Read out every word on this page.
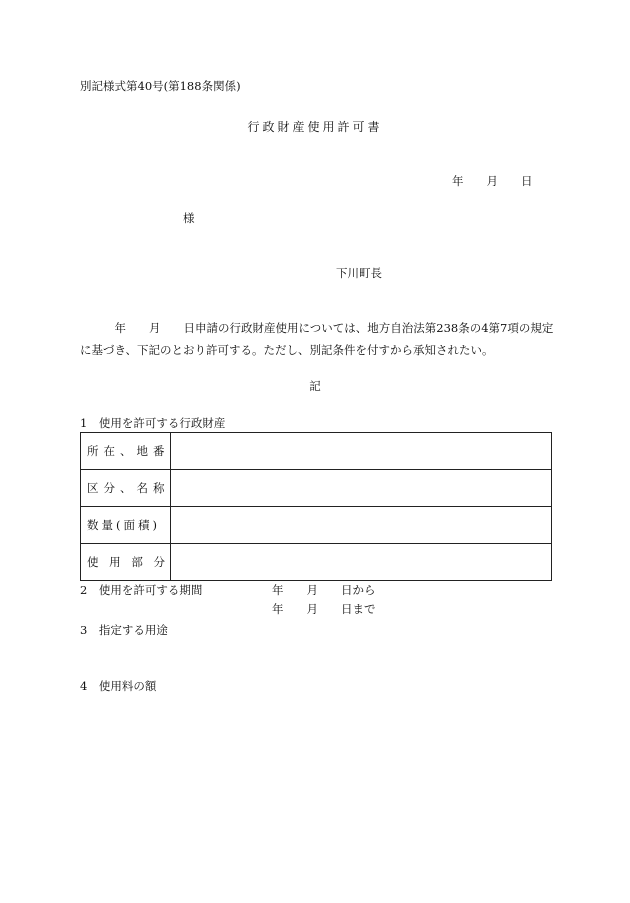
別記様式第40号(第188条関係)
行政財産使用許可書
年　　月　　日
様
下川町長
　　　年　　月　　日申請の行政財産使用については、地方自治法第238条の4第7項の規定
に基づき、下記のとおり許可する。ただし、別記条件を付すから承知されたい。
記
1　使用を許可する行政財産
所在、地番	
区分、名称	
数量(面積)	

使 用 部 分	

2　使用を許可する期間	年　　月　　日から
年　　月　　日まで
3　指定する用途
4　使用料の額
